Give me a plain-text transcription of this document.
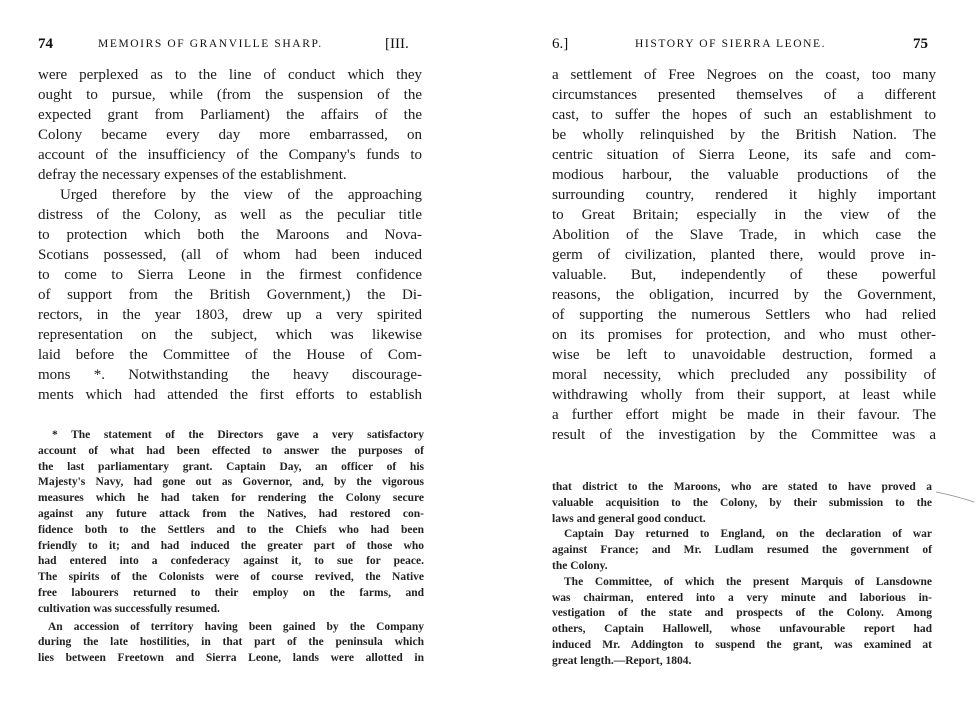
74	MEMOIRS OF GRANVILLE SHARP.	[III.
were perplexed as to the line of conduct which they
ought to pursue, while (from the suspension of the
expected grant from Parliament) the affairs of the
Colony became every day more embarrassed, on
account of the insufficiency of the Company's funds to
defray the necessary expenses of the establishment.
Urged therefore by the view of the approaching
distress of the Colony, as well as the peculiar title
to protection which both the Maroons and Nova-
Scotians possessed, (all of whom had been induced
to come to Sierra Leone in the firmest confidence
of support from the British Government,) the Di-
rectors, in the year 1803, drew up a very spirited
representation on the subject, which was likewise
laid before the Committee of the House of Com-
mons *. Notwithstanding the heavy discourage-
ments which had attended the first efforts to establish
* The statement of the Directors gave a very satisfactory
account of what had been effected to answer the purposes of
the last parliamentary grant. Captain Day, an officer of his
Majesty's Navy, had gone out as Governor, and, by the vigorous
measures which he had taken for rendering the Colony secure
against any future attack from the Natives, had restored con-
fidence both to the Settlers and to the Chiefs who had been
friendly to it; and had induced the greater part of those who
had entered into a confederacy against it, to sue for peace.
The spirits of the Colonists were of course revived, the Native
free labourers returned to their employ on the farms, and
cultivation was successfully resumed.
An accession of territory having been gained by the Company
during the late hostilities, in that part of the peninsula which
lies between Freetown and Sierra Leone, lands were allotted in
6.]	HISTORY OF SIERRA LEONE.	75
a settlement of Free Negroes on the coast, too many
circumstances presented themselves of a different
cast, to suffer the hopes of such an establishment to
be wholly relinquished by the British Nation. The
centric situation of Sierra Leone, its safe and com-
modious harbour, the valuable productions of the
surrounding country, rendered it highly important
to Great Britain; especially in the view of the
Abolition of the Slave Trade, in which case the
germ of civilization, planted there, would prove in-
valuable. But, independently of these powerful
reasons, the obligation, incurred by the Government,
of supporting the numerous Settlers who had relied
on its promises for protection, and who must other-
wise be left to unavoidable destruction, formed a
moral necessity, which precluded any possibility of
withdrawing wholly from their support, at least while
a further effort might be made in their favour. The
result of the investigation by the Committee was a
that district to the Maroons, who are stated to have proved a
valuable acquisition to the Colony, by their submission to the
laws and general good conduct.
Captain Day returned to England, on the declaration of war
against France; and Mr. Ludlam resumed the government of
the Colony.
The Committee, of which the present Marquis of Lansdowne
was chairman, entered into a very minute and laborious in-
vestigation of the state and prospects of the Colony. Among
others, Captain Hallowell, whose unfavourable report had
induced Mr. Addington to suspend the grant, was examined at
great length.—Report, 1804.
